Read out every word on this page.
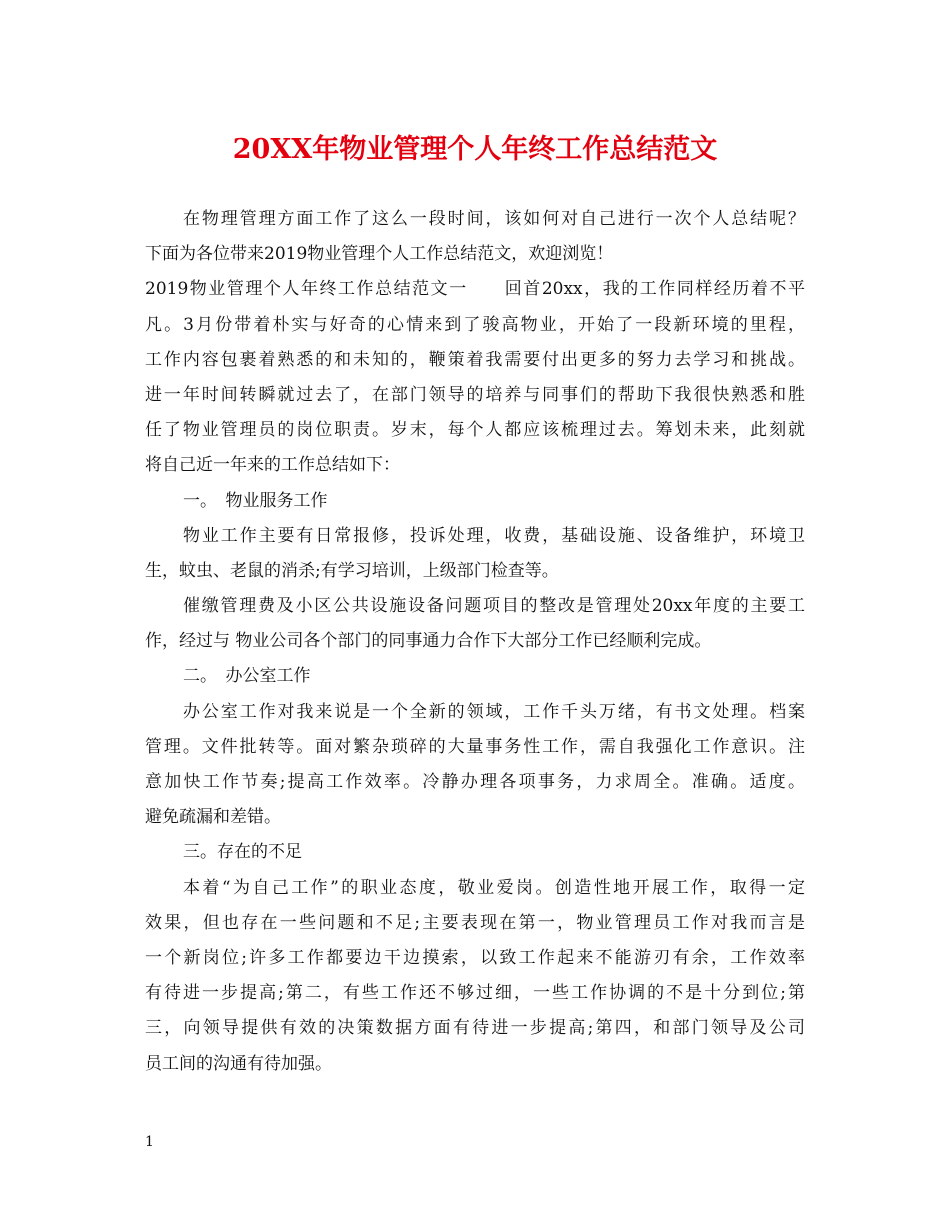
20XX年物业管理个人年终工作总结范文
在物理管理方面工作了这么一段时间，该如何对自己进行一次个人总结呢？
下面为各位带来2019物业管理个人工作总结范文，欢迎浏览！
2019物业管理个人年终工作总结范文一　　回首20xx，我的工作同样经历着不平
凡。3月份带着朴实与好奇的心情来到了骏高物业，开始了一段新环境的里程，
工作内容包裹着熟悉的和未知的，鞭策着我需要付出更多的努力去学习和挑战。
进一年时间转瞬就过去了，在部门领导的培养与同事们的帮助下我很快熟悉和胜
任了物业管理员的岗位职责。岁末，每个人都应该梳理过去。筹划未来，此刻就
将自己近一年来的工作总结如下：
一。　物业服务工作
物业工作主要有日常报修，投诉处理，收费，基础设施、设备维护，环境卫
生，蚊虫、老鼠的消杀;有学习培训，上级部门检查等。
催缴管理费及小区公共设施设备问题项目的整改是管理处20xx年度的主要工
作，经过与 物业公司各个部门的同事通力合作下大部分工作已经顺利完成。
二。　办公室工作
办公室工作对我来说是一个全新的领域，工作千头万绪，有书文处理。档案
管理。文件批转等。面对繁杂琐碎的大量事务性工作，需自我强化工作意识。注
意加快工作节奏;提高工作效率。冷静办理各项事务，力求周全。准确。适度。
避免疏漏和差错。
三。存在的不足
本着“为自己工作”的职业态度，敬业爱岗。创造性地开展工作，取得一定
效果，但也存在一些问题和不足;主要表现在第一，物业管理员工作对我而言是
一个新岗位;许多工作都要边干边摸索，以致工作起来不能游刃有余，工作效率
有待进一步提高;第二，有些工作还不够过细，一些工作协调的不是十分到位;第
三，向领导提供有效的决策数据方面有待进一步提高;第四，和部门领导及公司
员工间的沟通有待加强。
1
